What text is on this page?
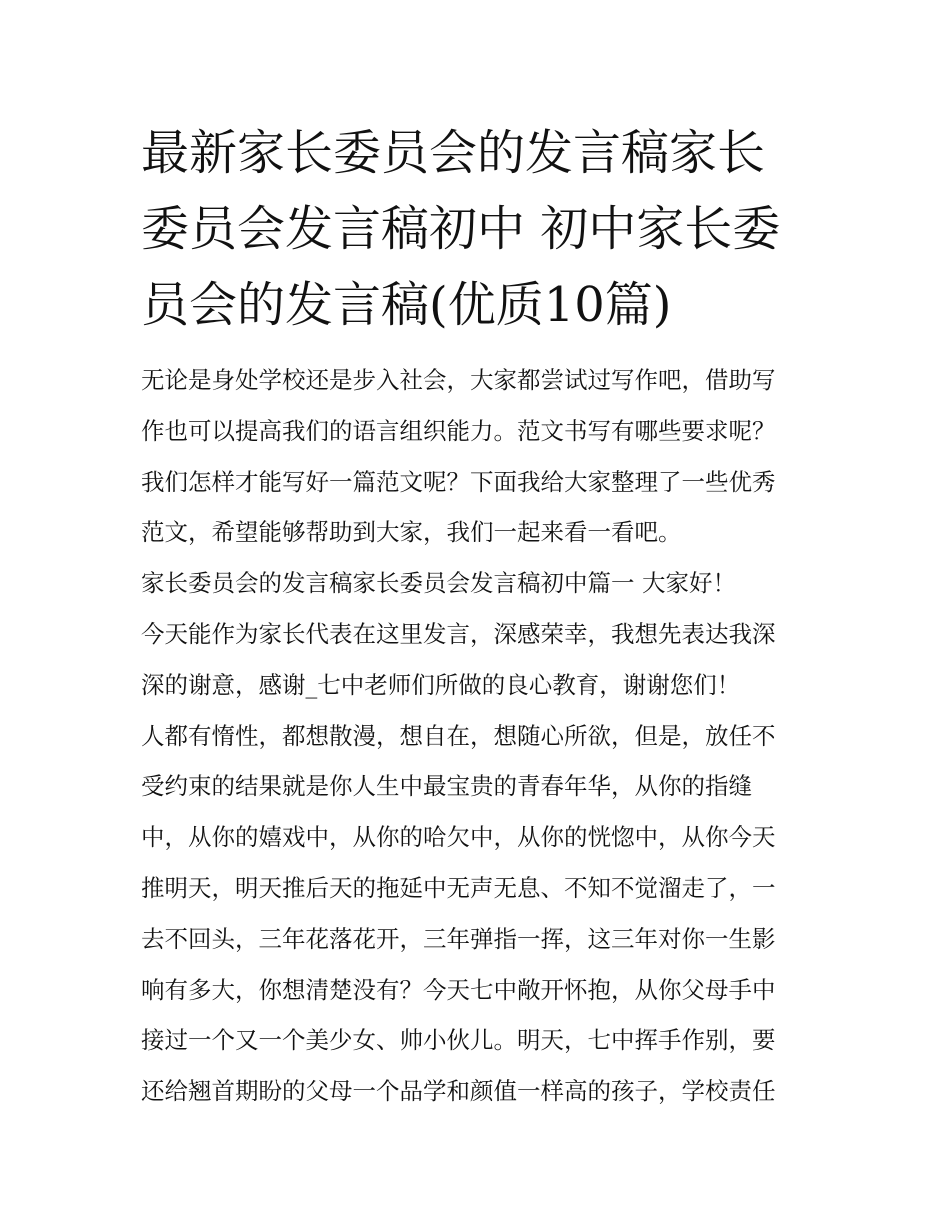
最新家长委员会的发言稿家长
委员会发言稿初中 初中家长委
员会的发言稿(优质10篇)
无论是身处学校还是步入社会，大家都尝试过写作吧，借助写
作也可以提高我们的语言组织能力。范文书写有哪些要求呢？
我们怎样才能写好一篇范文呢？下面我给大家整理了一些优秀
范文，希望能够帮助到大家，我们一起来看一看吧。
家长委员会的发言稿家长委员会发言稿初中篇一 大家好！
今天能作为家长代表在这里发言，深感荣幸，我想先表达我深
深的谢意，感谢_七中老师们所做的良心教育，谢谢您们！
人都有惰性，都想散漫，想自在，想随心所欲，但是，放任不
受约束的结果就是你人生中最宝贵的青春年华，从你的指缝
中，从你的嬉戏中，从你的哈欠中，从你的恍惚中，从你今天
推明天，明天推后天的拖延中无声无息、不知不觉溜走了，一
去不回头，三年花落花开，三年弹指一挥，这三年对你一生影
响有多大，你想清楚没有？今天七中敞开怀抱，从你父母手中
接过一个又一个美少女、帅小伙儿。明天，七中挥手作别，要
还给翘首期盼的父母一个品学和颜值一样高的孩子，学校责任
